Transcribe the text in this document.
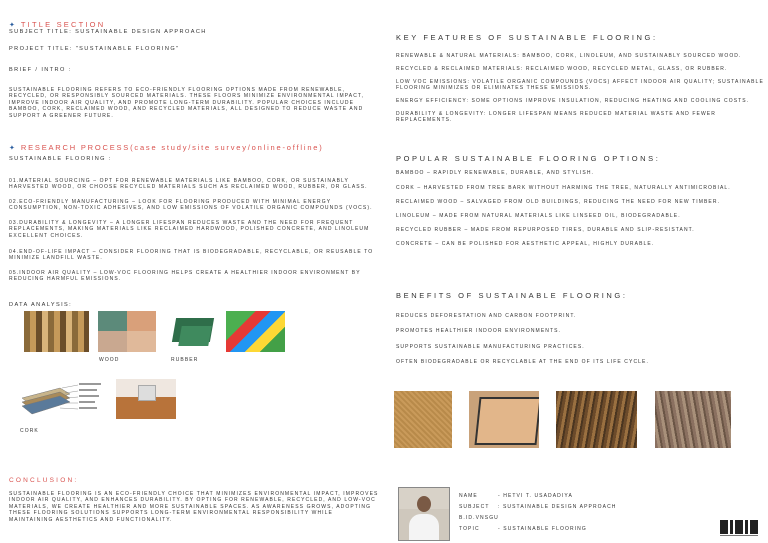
✦ TITLE SECTION
SUBJECT TITLE: SUSTAINABLE DESIGN APPROACH
PROJECT TITLE: "SUSTAINABLE FLOORING"
BRIEF / INTRO :
SUSTAINABLE FLOORING REFERS TO ECO-FRIENDLY FLOORING OPTIONS MADE FROM RENEWABLE, RECYCLED, OR RESPONSIBLY SOURCED MATERIALS. THESE FLOORS MINIMIZE ENVIRONMENTAL IMPACT, IMPROVE INDOOR AIR QUALITY, AND PROMOTE LONG-TERM DURABILITY. POPULAR CHOICES INCLUDE BAMBOO, CORK, RECLAIMED WOOD, AND RECYCLED MATERIALS, ALL DESIGNED TO REDUCE WASTE AND SUPPORT A GREENER FUTURE.
✦ RESEARCH PROCESS(case study/site survey/online-offline)
SUSTAINABLE FLOORING :
01.MATERIAL SOURCING – OPT FOR RENEWABLE MATERIALS LIKE BAMBOO, CORK, OR SUSTAINABLY HARVESTED WOOD, OR CHOOSE RECYCLED MATERIALS SUCH AS RECLAIMED WOOD, RUBBER, OR GLASS.
02.ECO-FRIENDLY MANUFACTURING – LOOK FOR FLOORING PRODUCED WITH MINIMAL ENERGY CONSUMPTION, NON-TOXIC ADHESIVES, AND LOW EMISSIONS OF VOLATILE ORGANIC COMPOUNDS (VOCS).
03.DURABILITY & LONGEVITY – A LONGER LIFESPAN REDUCES WASTE AND THE NEED FOR FREQUENT REPLACEMENTS, MAKING MATERIALS LIKE RECLAIMED HARDWOOD, POLISHED CONCRETE, AND LINOLEUM EXCELLENT CHOICES.
04.END-OF-LIFE IMPACT – CONSIDER FLOORING THAT IS BIODEGRADABLE, RECYCLABLE, OR REUSABLE TO MINIMIZE LANDFILL WASTE.
05.INDOOR AIR QUALITY – LOW-VOC FLOORING HELPS CREATE A HEALTHIER INDOOR ENVIRONMENT BY REDUCING HARMFUL EMISSIONS.
DATA ANALYSIS:
WOOD	RUBBER
CORK
CONCLUSION:
SUSTAINABLE FLOORING IS AN ECO-FRIENDLY CHOICE THAT MINIMIZES ENVIRONMENTAL IMPACT, IMPROVES INDOOR AIR QUALITY, AND ENHANCES DURABILITY. BY OPTING FOR RENEWABLE, RECYCLED, AND LOW-VOC MATERIALS, WE CREATE HEALTHIER AND MORE SUSTAINABLE SPACES. AS AWARENESS GROWS, ADOPTING THESE FLOORING SOLUTIONS SUPPORTS LONG-TERM ENVIRONMENTAL RESPONSIBILITY WHILE MAINTAINING AESTHETICS AND FUNCTIONALITY.
KEY FEATURES OF SUSTAINABLE FLOORING:
RENEWABLE & NATURAL MATERIALS: BAMBOO, CORK, LINOLEUM, AND SUSTAINABLY SOURCED WOOD.
RECYCLED & RECLAIMED MATERIALS: RECLAIMED WOOD, RECYCLED METAL, GLASS, OR RUBBER.
LOW VOC EMISSIONS: VOLATILE ORGANIC COMPOUNDS (VOCS) AFFECT INDOOR AIR QUALITY; SUSTAINABLE FLOORING MINIMIZES OR ELIMINATES THESE EMISSIONS.
ENERGY EFFICIENCY: SOME OPTIONS IMPROVE INSULATION, REDUCING HEATING AND COOLING COSTS.
DURABILITY & LONGEVITY: LONGER LIFESPAN MEANS REDUCED MATERIAL WASTE AND FEWER REPLACEMENTS.
POPULAR SUSTAINABLE FLOORING OPTIONS:
BAMBOO – RAPIDLY RENEWABLE, DURABLE, AND STYLISH.
CORK – HARVESTED FROM TREE BARK WITHOUT HARMING THE TREE, NATURALLY ANTIMICROBIAL.
RECLAIMED WOOD – SALVAGED FROM OLD BUILDINGS, REDUCING THE NEED FOR NEW TIMBER.
LINOLEUM – MADE FROM NATURAL MATERIALS LIKE LINSEED OIL, BIODEGRADABLE.
RECYCLED RUBBER – MADE FROM REPURPOSED TIRES, DURABLE AND SLIP-RESISTANT.
CONCRETE – CAN BE POLISHED FOR AESTHETIC APPEAL, HIGHLY DURABLE.
BENEFITS OF SUSTAINABLE FLOORING:
REDUCES DEFORESTATION AND CARBON FOOTPRINT.
PROMOTES HEALTHIER INDOOR ENVIRONMENTS.
SUPPORTS SUSTAINABLE MANUFACTURING PRACTICES.
OFTEN BIODEGRADABLE OR RECYCLABLE AT THE END OF ITS LIFE CYCLE.
NAME	- HETVI T. USADADIYA
SUBJECT : SUSTAINABLE DESIGN APPROACH
B.ID.VNSGU
TOPIC	- SUSTAINABLE FLOORING
